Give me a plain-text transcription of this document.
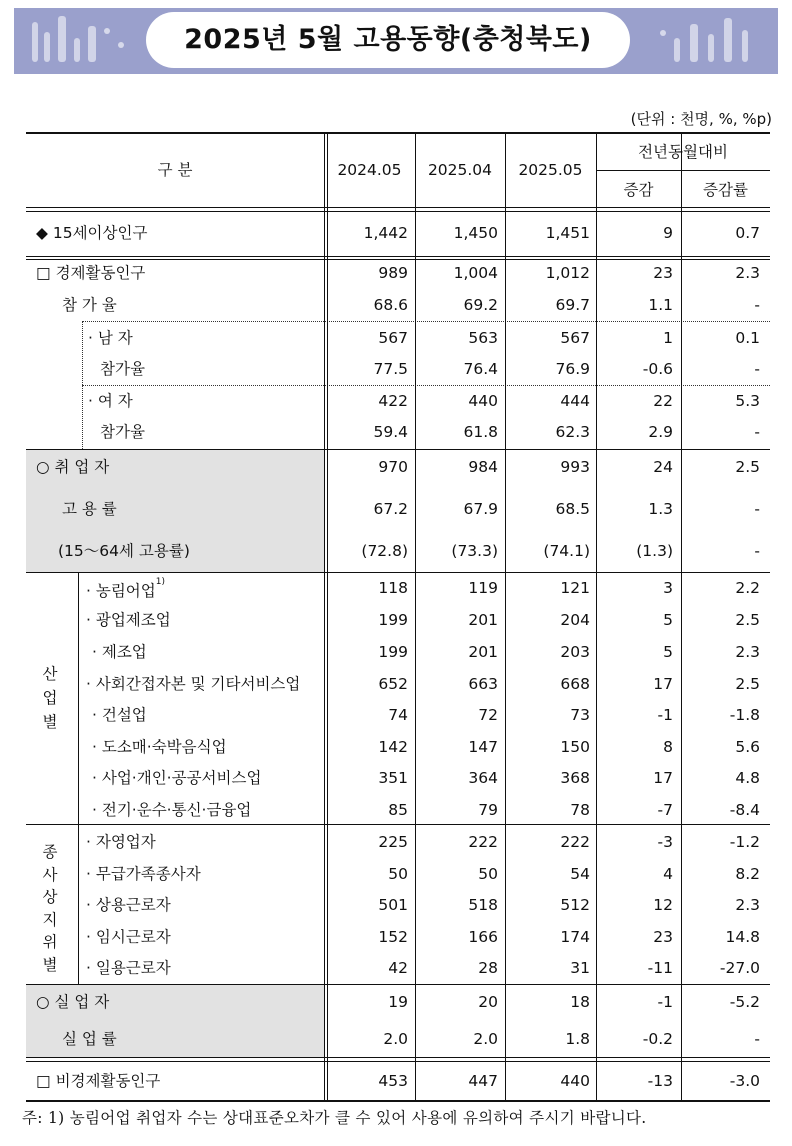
2025년 5월 고용동향(충청북도)
(단위 : 천명, %, %p)
구 분	2024.05	2025.04	2025.05
전년동월대비
증감	증감률
◆ 15세이상인구	1,442	1,450	1,451	9	0.7
□ 경제활동인구	989	1,004	1,012	23	2.3
참 가 율	68.6	69.2	69.7	1.1	-
· 남 자	567	563	567	1	0.1
참가율	77.5	76.4	76.9	-0.6	-
· 여 자	422	440	444	22	5.3
참가율	59.4	61.8	62.3	2.9	-
○ 취 업 자	970	984	993	24	2.5
고 용 률	67.2	67.9	68.5	1.3	-
(15～64세 고용률)	(72.8)	(73.3)	(74.1)	(1.3)	-
· 농림어업$^{1)}$	118	119	121	3	2.2
· 광업제조업	199	201	204	5	2.5
· 제조업	199	201	203	5	2.3
· 사회간접자본 및 기타서비스업	652	663	668	17	2.5
· 건설업	74	72	73	-1	-1.8
· 도소매·숙박음식업	142	147	150	8	5.6
· 사업·개인·공공서비스업	351	364	368	17	4.8
· 전기·운수·통신·금융업	85	79	78	-7	-8.4
· 자영업자	225	222	222	-3	-1.2
· 무급가족종사자	50	50	54	4	8.2
· 상용근로자	501	518	512	12	2.3
· 임시근로자	152	166	174	23	14.8
· 일용근로자	42	28	31	-11	-27.0
○ 실 업 자	19	20	18	-1	-5.2
실 업 률	2.0	2.0	1.8	-0.2	-
□ 비경제활동인구	453	447	440	-13	-3.0
산
업
별
종
사
상
지
위
별
주: 1) 농림어업 취업자 수는 상대표준오차가 클 수 있어 사용에 유의하여 주시기 바랍니다.
